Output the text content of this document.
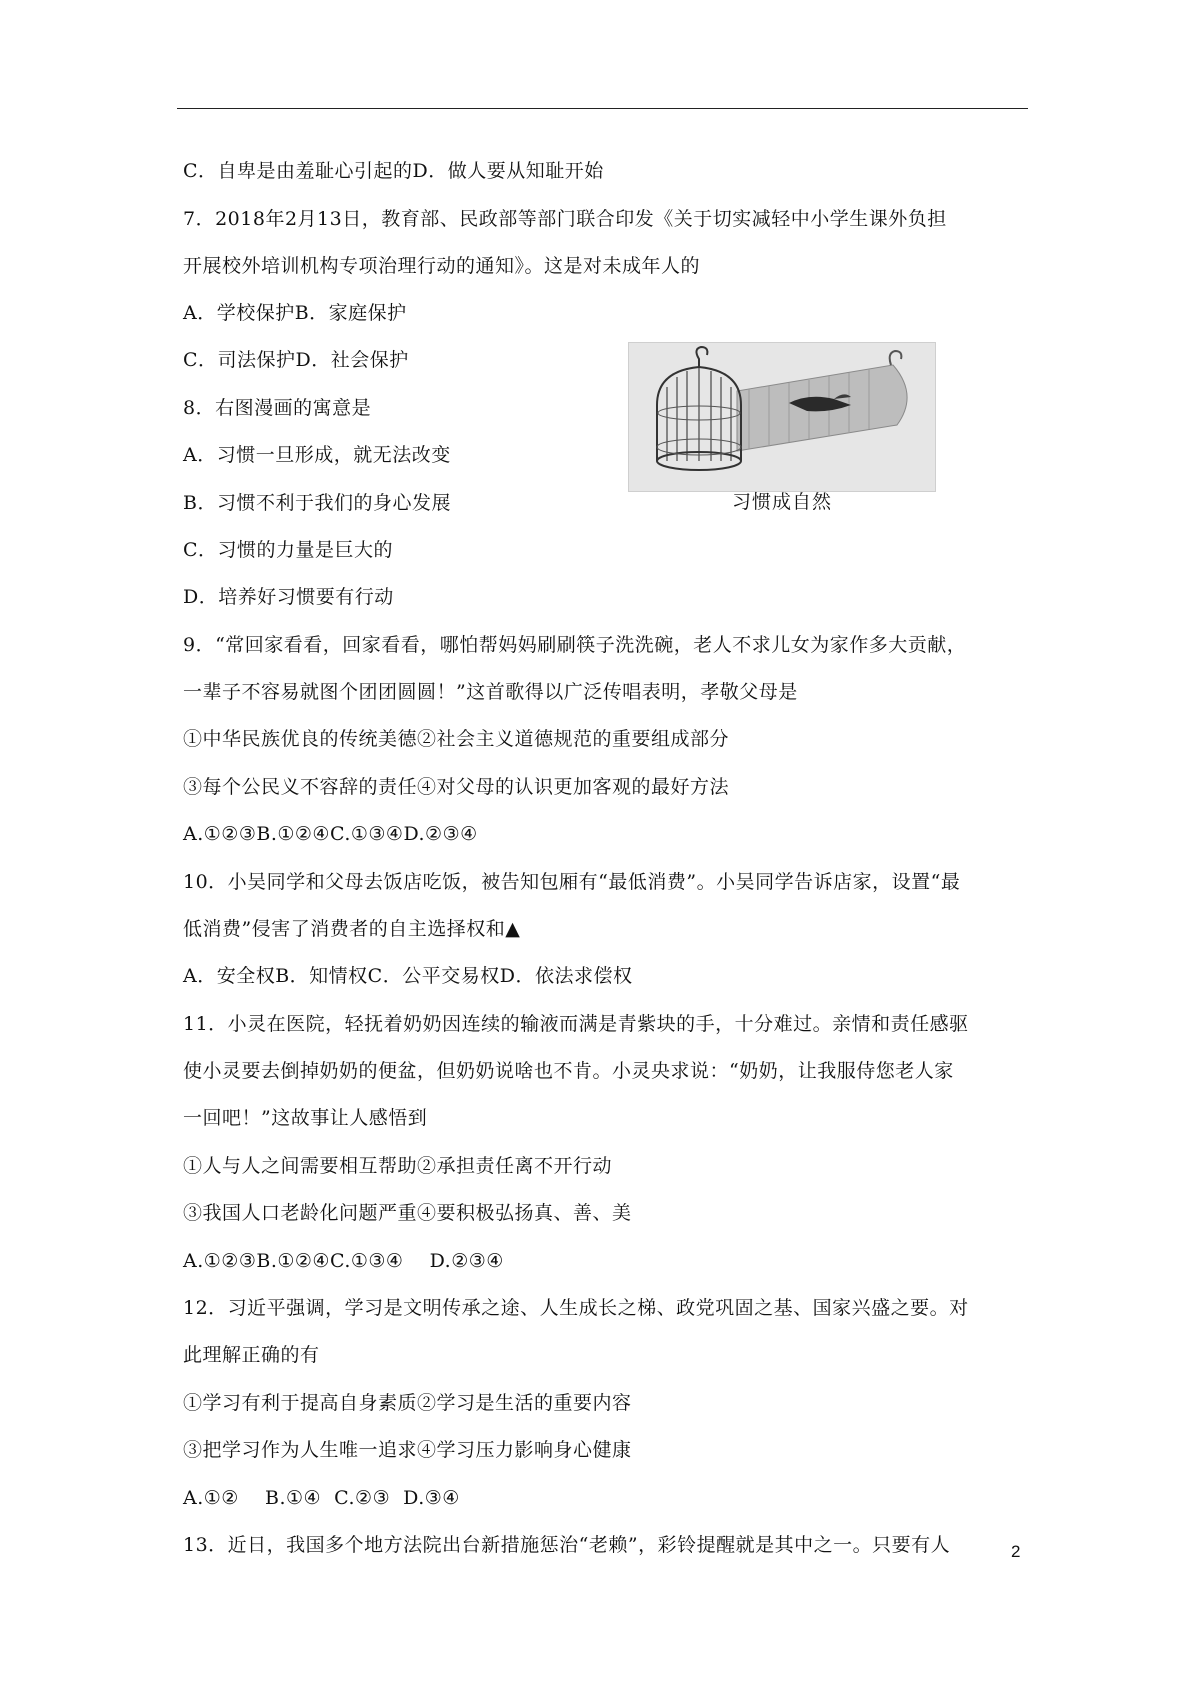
C．自卑是由羞耻心引起的D．做人要从知耻开始
7．2018年2月13日，教育部、民政部等部门联合印发《关于切实减轻中小学生课外负担
开展校外培训机构专项治理行动的通知》。这是对未成年人的
A．学校保护B．家庭保护
C．司法保护D．社会保护
8．右图漫画的寓意是
A．习惯一旦形成，就无法改变
B．习惯不利于我们的身心发展
C．习惯的力量是巨大的
D．培养好习惯要有行动
9．“常回家看看，回家看看，哪怕帮妈妈刷刷筷子洗洗碗，老人不求儿女为家作多大贡献，
一辈子不容易就图个团团圆圆！”这首歌得以广泛传唱表明，孝敬父母是
①中华民族优良的传统美德②社会主义道德规范的重要组成部分
③每个公民义不容辞的责任④对父母的认识更加客观的最好方法
A.①②③B.①②④C.①③④D.②③④
10．小吴同学和父母去饭店吃饭，被告知包厢有“最低消费”。小吴同学告诉店家，设置“最
低消费”侵害了消费者的自主选择权和▲
A．安全权B．知情权C．公平交易权D．依法求偿权
11．小灵在医院，轻抚着奶奶因连续的输液而满是青紫块的手，十分难过。亲情和责任感驱
使小灵要去倒掉奶奶的便盆，但奶奶说啥也不肯。小灵央求说：“奶奶，让我服侍您老人家
一回吧！”这故事让人感悟到
①人与人之间需要相互帮助②承担责任离不开行动
③我国人口老龄化问题严重④要积极弘扬真、善、美
A.①②③B.①②④C.①③④    D.②③④
12．习近平强调，学习是文明传承之途、人生成长之梯、政党巩固之基、国家兴盛之要。对
此理解正确的有
①学习有利于提高自身素质②学习是生活的重要内容
③把学习作为人生唯一追求④学习压力影响身心健康
A.①②    B.①④  C.②③  D.③④
13．近日，我国多个地方法院出台新措施惩治“老赖”，彩铃提醒就是其中之一。只要有人
习惯成自然
2
